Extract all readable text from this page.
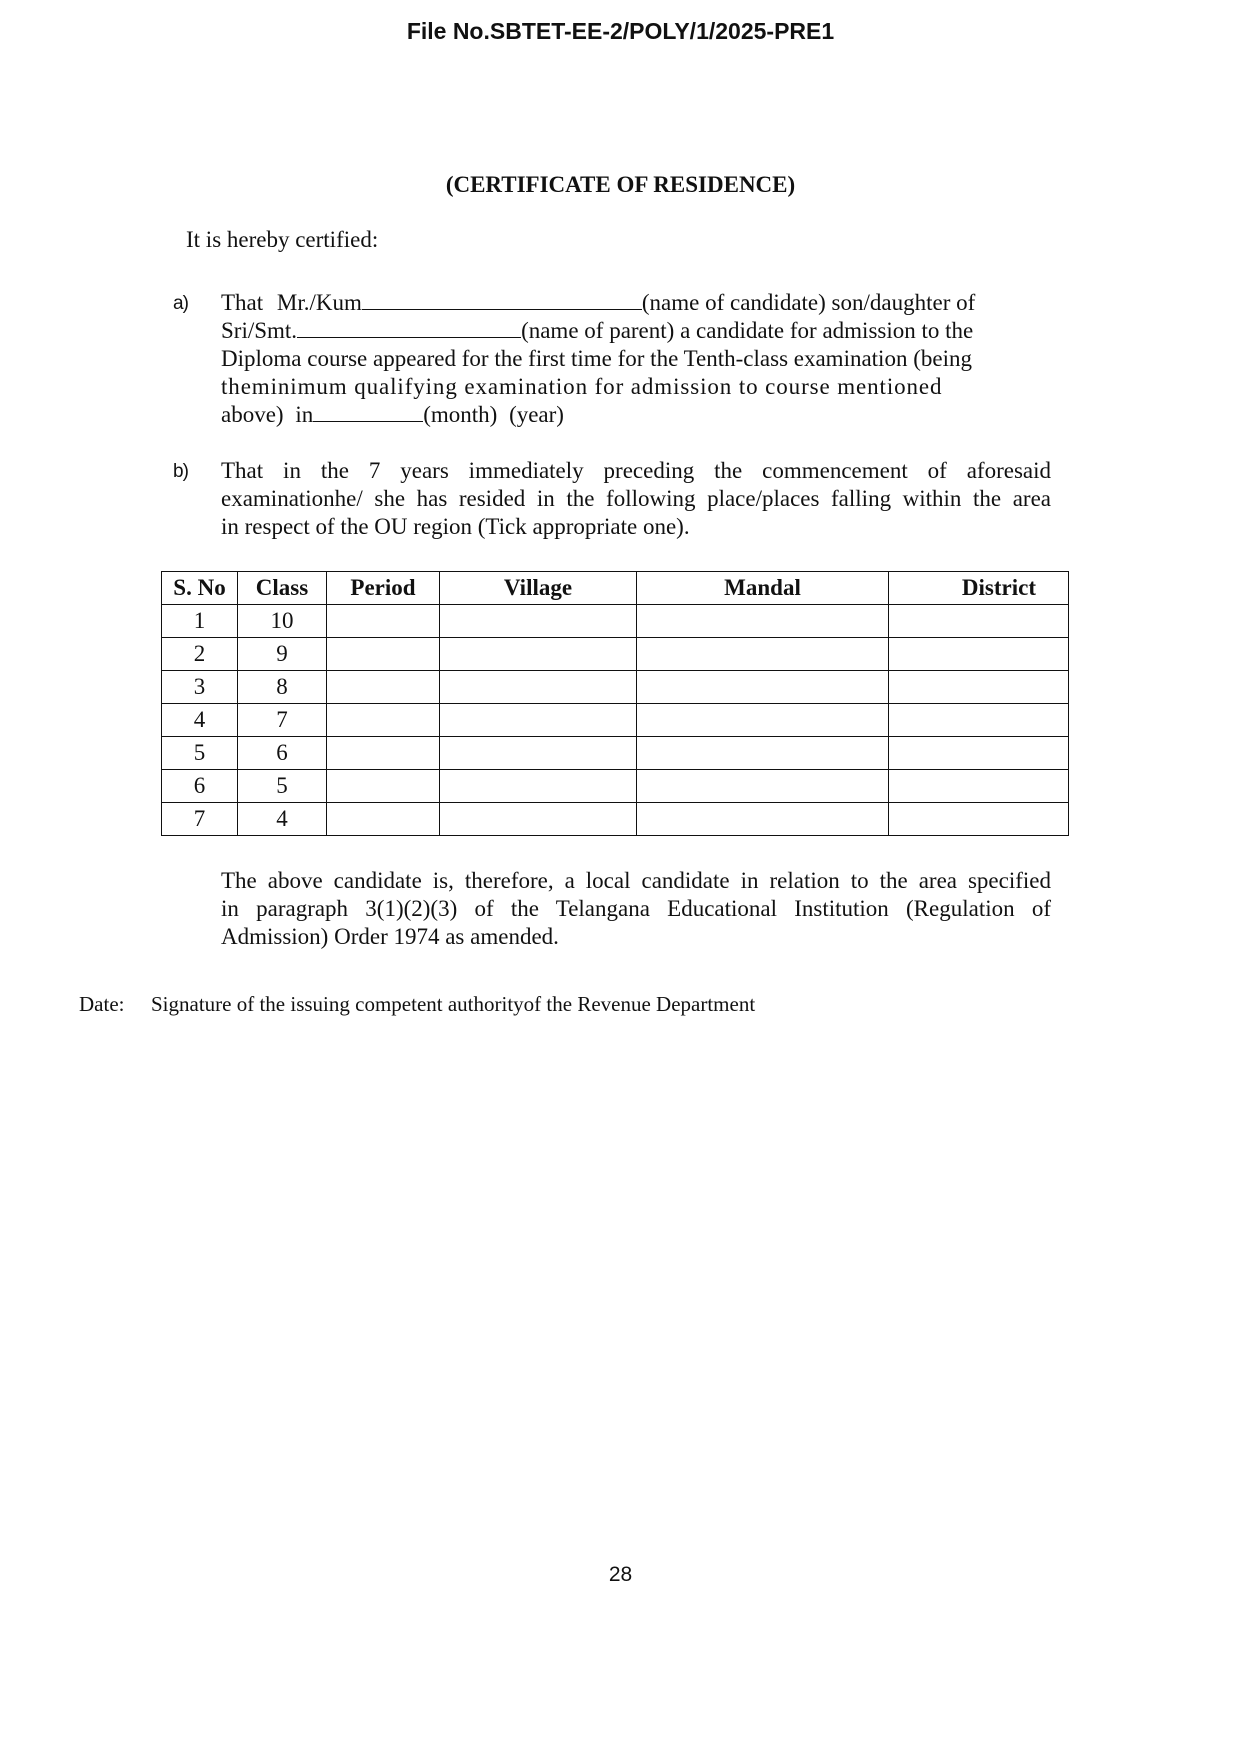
File No.SBTET-EE-2/POLY/1/2025-PRE1
(CERTIFICATE OF RESIDENCE)
It is hereby certified:
a) That Mr./Kum	(name of candidate) son/daughter of
Sri/Smt.	(name of parent) a candidate for admission to the
Diploma course appeared for the first time for the Tenth-class examination (being
theminimum qualifying examination for admission to course mentioned
above) in	(month) (year)
b) That in the 7 years immediately preceding the commencement of aforesaid
examinationhe/ she has resided in the following place/places falling within the area
in respect of the OU region (Tick appropriate one).
S. No	Class	Period	Village	Mandal	District
1	10				
2	9				
3	8				
4	7				
5	6				
6	5				
7	4				
The above candidate is, therefore, a local candidate in relation to the area specified
in paragraph 3(1)(2)(3) of the Telangana Educational Institution (Regulation of
Admission) Order 1974 as amended.
Date: Signature of the issuing competent authorityof the Revenue Department
28
